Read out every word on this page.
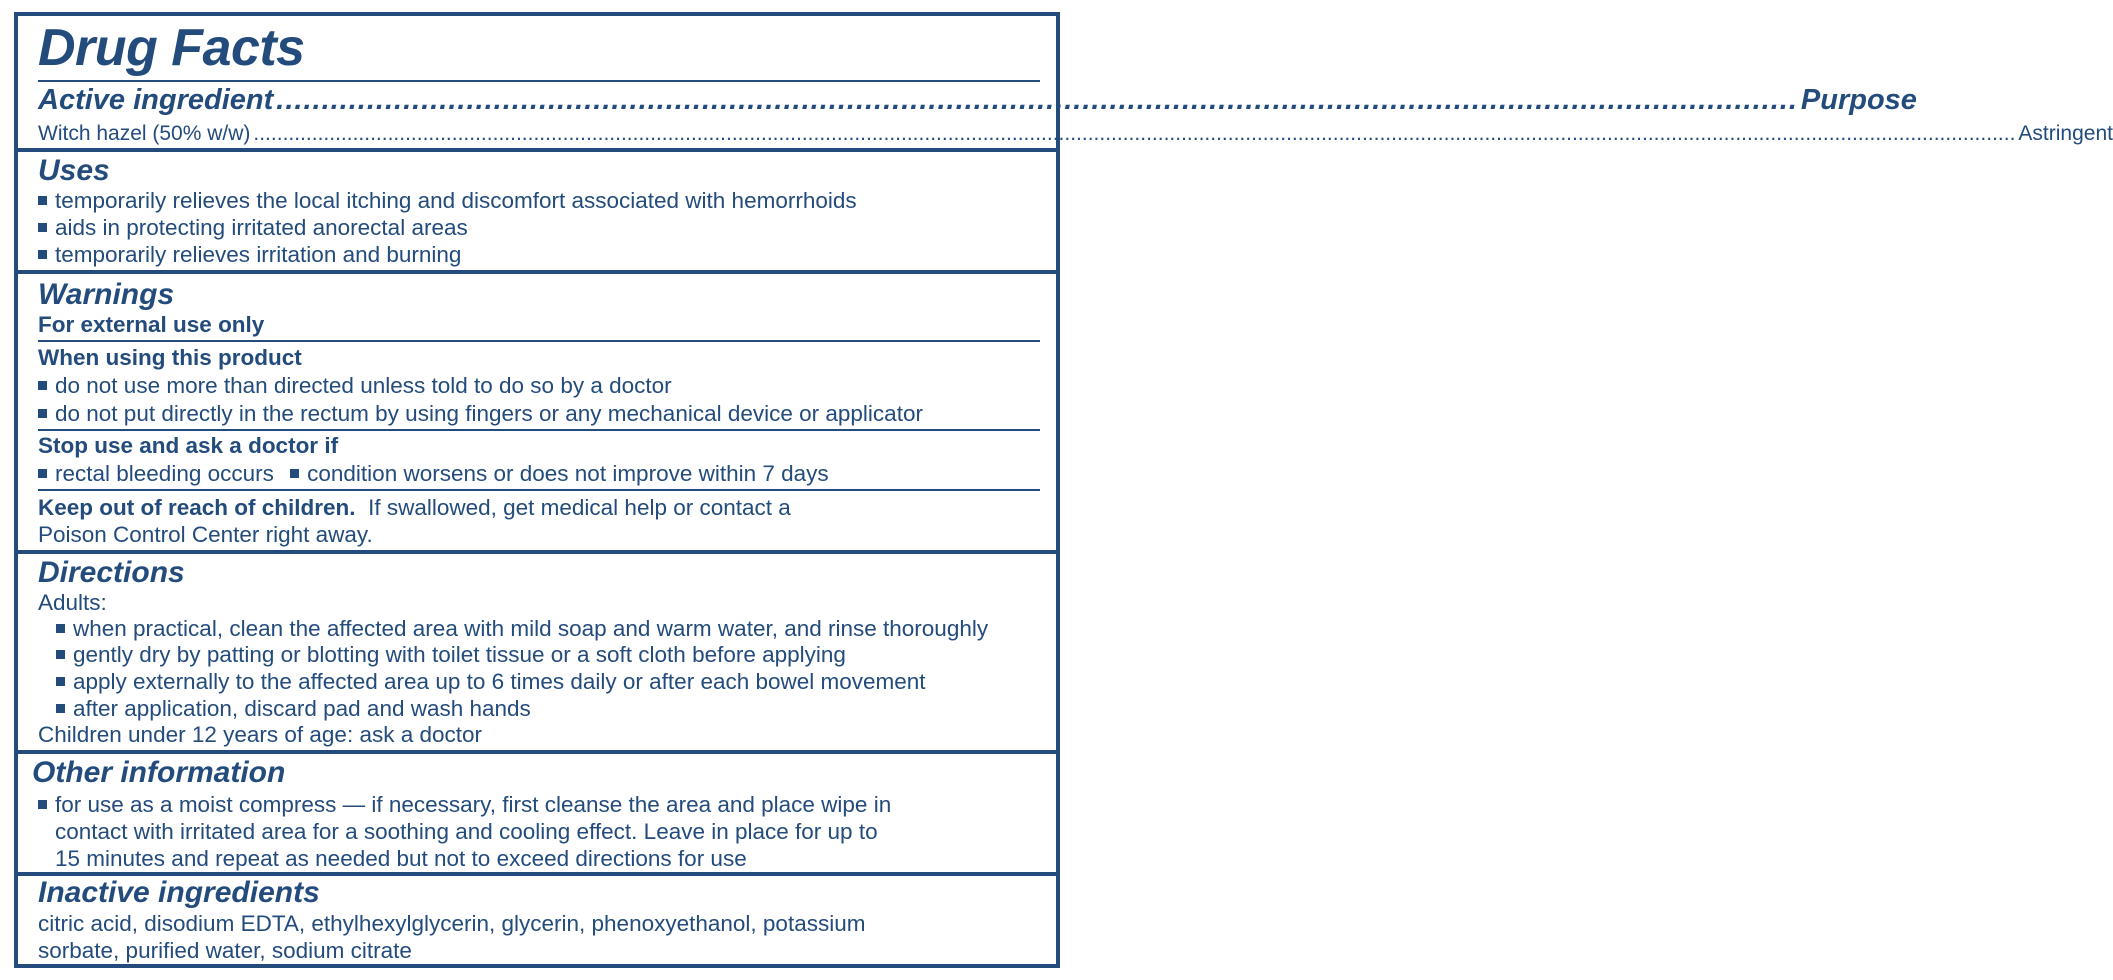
Drug Facts
Active ingredient ........................................................................................................................................................................ Purpose
Witch hazel (50% w/w) .............................................................................................................................................................................................................................................................................................................. Astringent
Uses
temporarily relieves the local itching and discomfort associated with hemorrhoids
aids in protecting irritated anorectal areas
temporarily relieves irritation and burning
Warnings
For external use only
When using this product
do not use more than directed unless told to do so by a doctor
do not put directly in the rectum by using fingers or any mechanical device or applicator
Stop use and ask a doctor if
rectal bleeding occurs condition worsens or does not improve within 7 days
Keep out of reach of children. If swallowed, get medical help or contact a
Poison Control Center right away.
Directions
Adults:
when practical, clean the affected area with mild soap and warm water, and rinse thoroughly
gently dry by patting or blotting with toilet tissue or a soft cloth before applying
apply externally to the affected area up to 6 times daily or after each bowel movement
after application, discard pad and wash hands
Children under 12 years of age: ask a doctor
Other information
for use as a moist compress — if necessary, first cleanse the area and place wipe in
contact with irritated area for a soothing and cooling effect. Leave in place for up to
15 minutes and repeat as needed but not to exceed directions for use
Inactive ingredients
citric acid, disodium EDTA, ethylhexylglycerin, glycerin, phenoxyethanol, potassium
sorbate, purified water, sodium citrate
